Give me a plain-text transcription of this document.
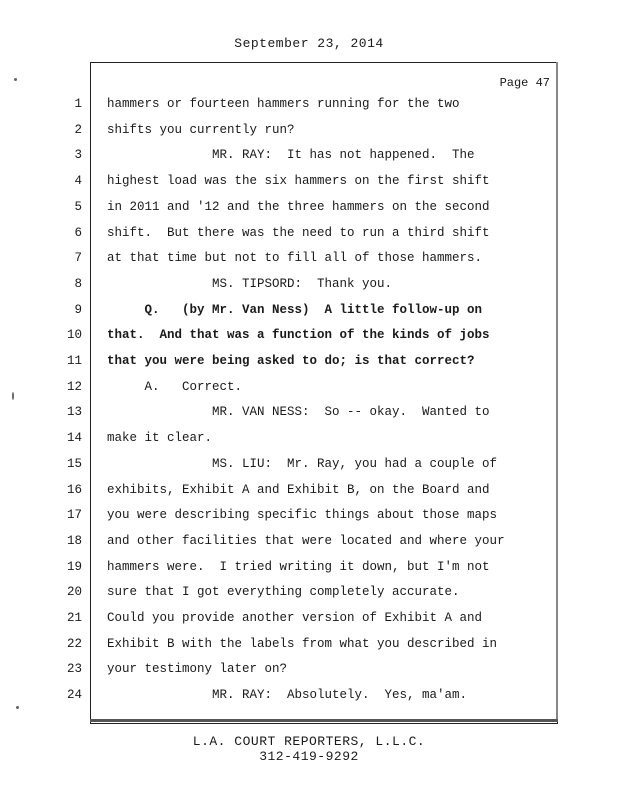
September 23, 2014
Page 47
1 hammers or fourteen hammers running for the two
2 shifts you currently run?
3 MR. RAY:  It has not happened.  The
4 highest load was the six hammers on the first shift
5 in 2011 and '12 and the three hammers on the second
6 shift.  But there was the need to run a third shift
7 at that time but not to fill all of those hammers.
8 MS. TIPSORD:  Thank you.
9 Q.   (by Mr. Van Ness)  A little follow-up on
10 that.  And that was a function of the kinds of jobs
11 that you were being asked to do; is that correct?
12 A.   Correct.
13 MR. VAN NESS:  So -- okay.  Wanted to
14 make it clear.
15 MS. LIU:  Mr. Ray, you had a couple of
16 exhibits, Exhibit A and Exhibit B, on the Board and
17 you were describing specific things about those maps
18 and other facilities that were located and where your
19 hammers were.  I tried writing it down, but I'm not
20 sure that I got everything completely accurate.
21 Could you provide another version of Exhibit A and
22 Exhibit B with the labels from what you described in
23 your testimony later on?
24 MR. RAY:  Absolutely.  Yes, ma'am.
L.A. COURT REPORTERS, L.L.C.
312-419-9292
